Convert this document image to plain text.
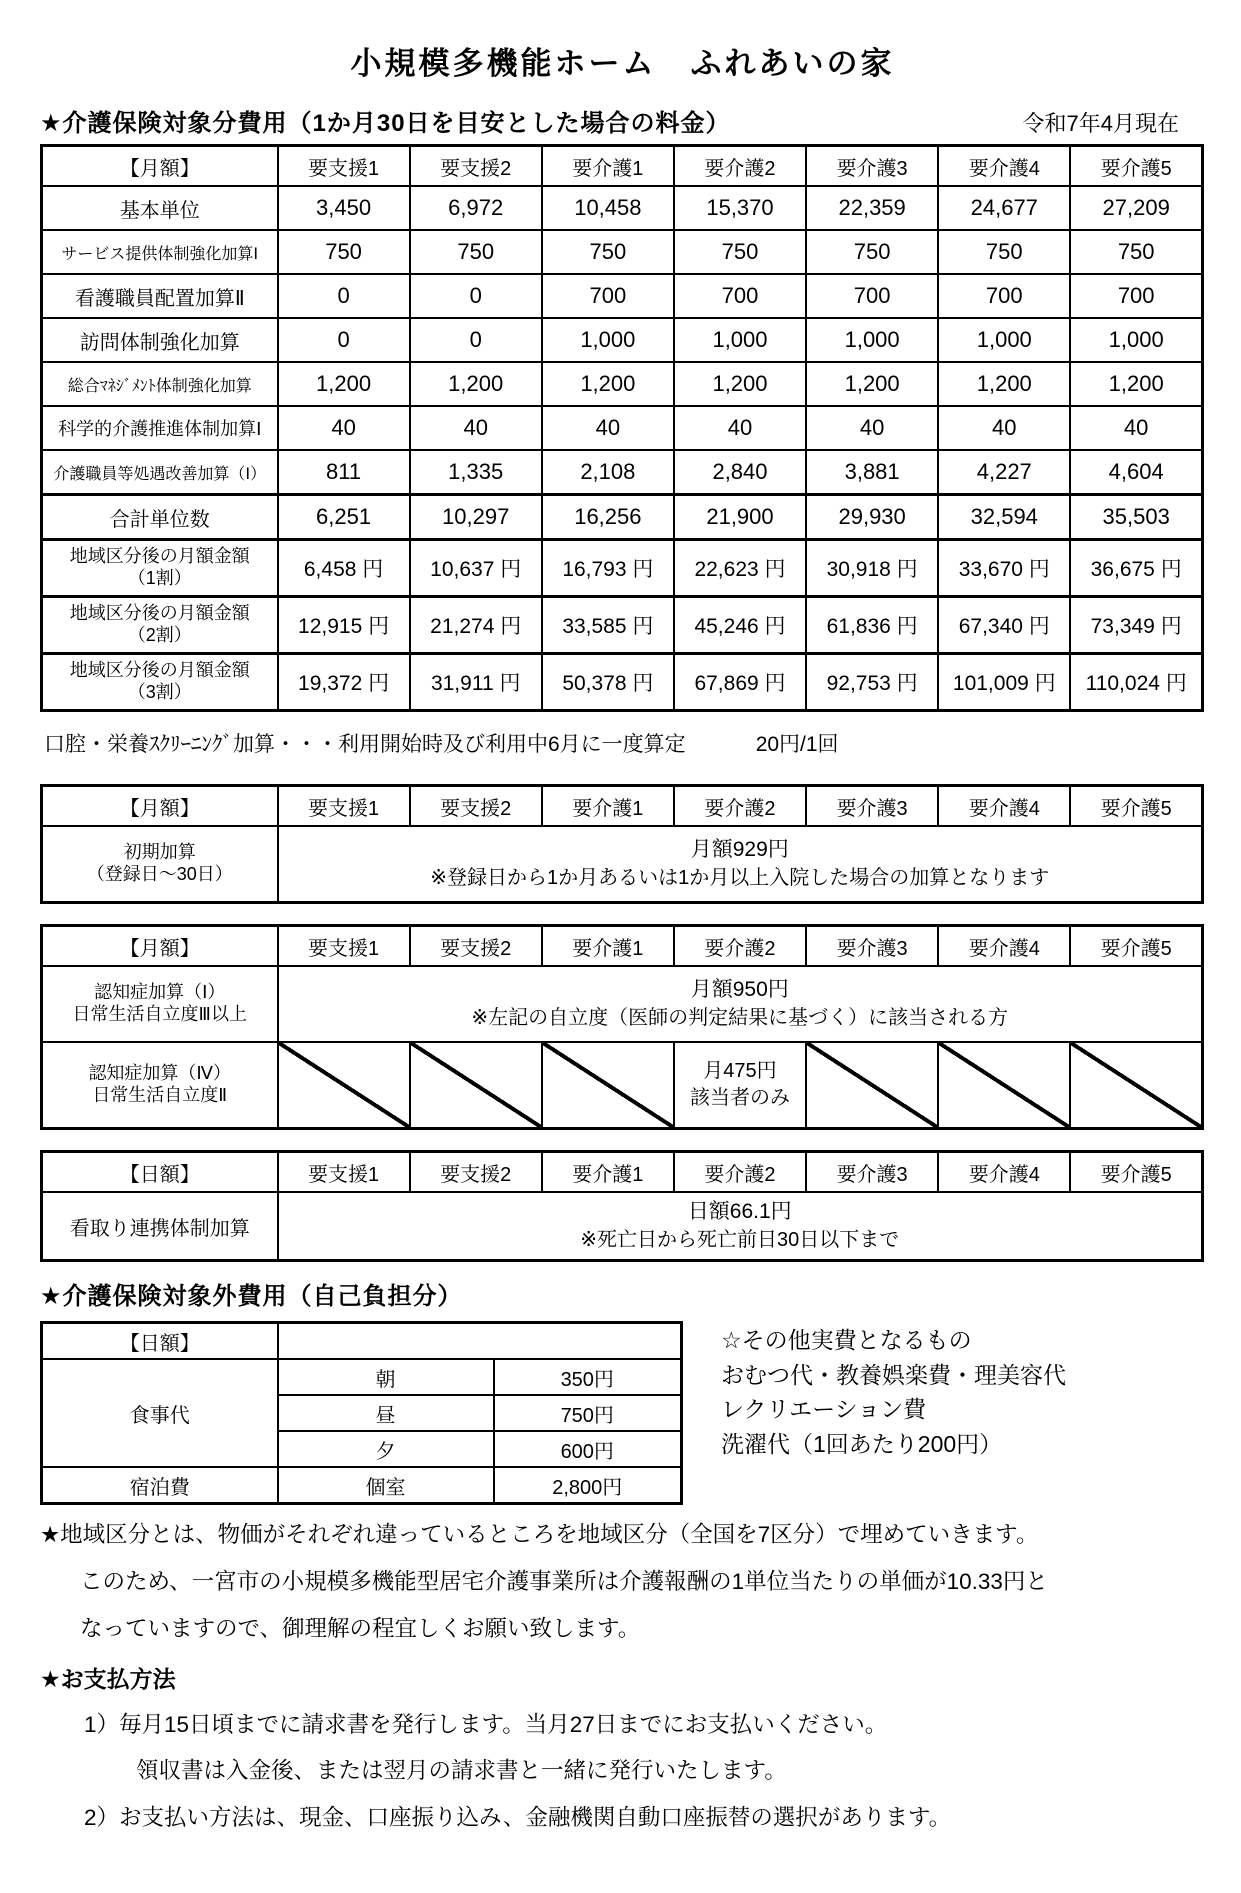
小規模多機能ホーム　ふれあいの家
★介護保険対象分費用（1か月30日を目安とした場合の料金）	令和7年4月現在
【月額】	要支援1	要支援2	要介護1	要介護2	要介護3	要介護4	要介護5
基本単位	3,450	6,972	10,458	15,370	22,359	24,677	27,209
サービス提供体制強化加算Ⅰ	750	750	750	750	750	750	750
看護職員配置加算Ⅱ	0	0	700	700	700	700	700
訪問体制強化加算	0	0	1,000	1,000	1,000	1,000	1,000
総合ﾏﾈｼﾞﾒﾝﾄ体制強化加算	1,200	1,200	1,200	1,200	1,200	1,200	1,200
科学的介護推進体制加算Ⅰ	40	40	40	40	40	40	40
介護職員等処遇改善加算（Ⅰ）	811	1,335	2,108	2,840	3,881	4,227	4,604
合計単位数	6,251	10,297	16,256	21,900	29,930	32,594	35,503

地域区分後の月額金額
（1割）	6,458 円	10,637 円	16,793 円	22,623 円	30,918 円	33,670 円	36,675 円

地域区分後の月額金額
（2割）	12,915 円	21,274 円	33,585 円	45,246 円	61,836 円	67,340 円	73,349 円

地域区分後の月額金額
（3割）	19,372 円	31,911 円	50,378 円	67,869 円	92,753 円	101,009 円	110,024 円
口腔・栄養ｽｸﾘｰﾆﾝｸﾞ加算・・・利用開始時及び利用中6月に一度算定	20円/1回
【月額】	要支援1	要支援2	要介護1	要介護2	要介護3	要介護4	要介護5

初期加算
（登録日～30日）	月額929円
※登録日から1か月あるいは1か月以上入院した場合の加算となります						
【月額】	要支援1	要支援2	要介護1	要介護2	要介護3	要介護4	要介護5

認知症加算（Ⅰ）
日常生活自立度Ⅲ以上	月額950円
※左記の自立度（医師の判定結果に基づく）に該当される方						

認知症加算（Ⅳ）
日常生活自立度Ⅱ				月475円
該当者のみ			

【日額】	要支援1	要支援2	要介護1	要介護2	要介護3	要介護4	要介護5
看取り連携体制加算	日額66.1円
※死亡日から死亡前日30日以下まで						
★介護保険対象外費用（自己負担分）
【日額】		
食事代	朝	350円
	昼	750円
	夕	600円
宿泊費	個室	2,800円
☆その他実費となるもの
おむつ代・教養娯楽費・理美容代
レクリエーション費
洗濯代（1回あたり200円）
★地域区分とは、物価がそれぞれ違っているところを地域区分（全国を7区分）で埋めていきます。
このため、一宮市の小規模多機能型居宅介護事業所は介護報酬の1単位当たりの単価が10.33円と
なっていますので、御理解の程宜しくお願い致します。
★お支払方法
1）毎月15日頃までに請求書を発行します。当月27日までにお支払いください。
領収書は入金後、または翌月の請求書と一緒に発行いたします。
2）お支払い方法は、現金、口座振り込み、金融機関自動口座振替の選択があります。
